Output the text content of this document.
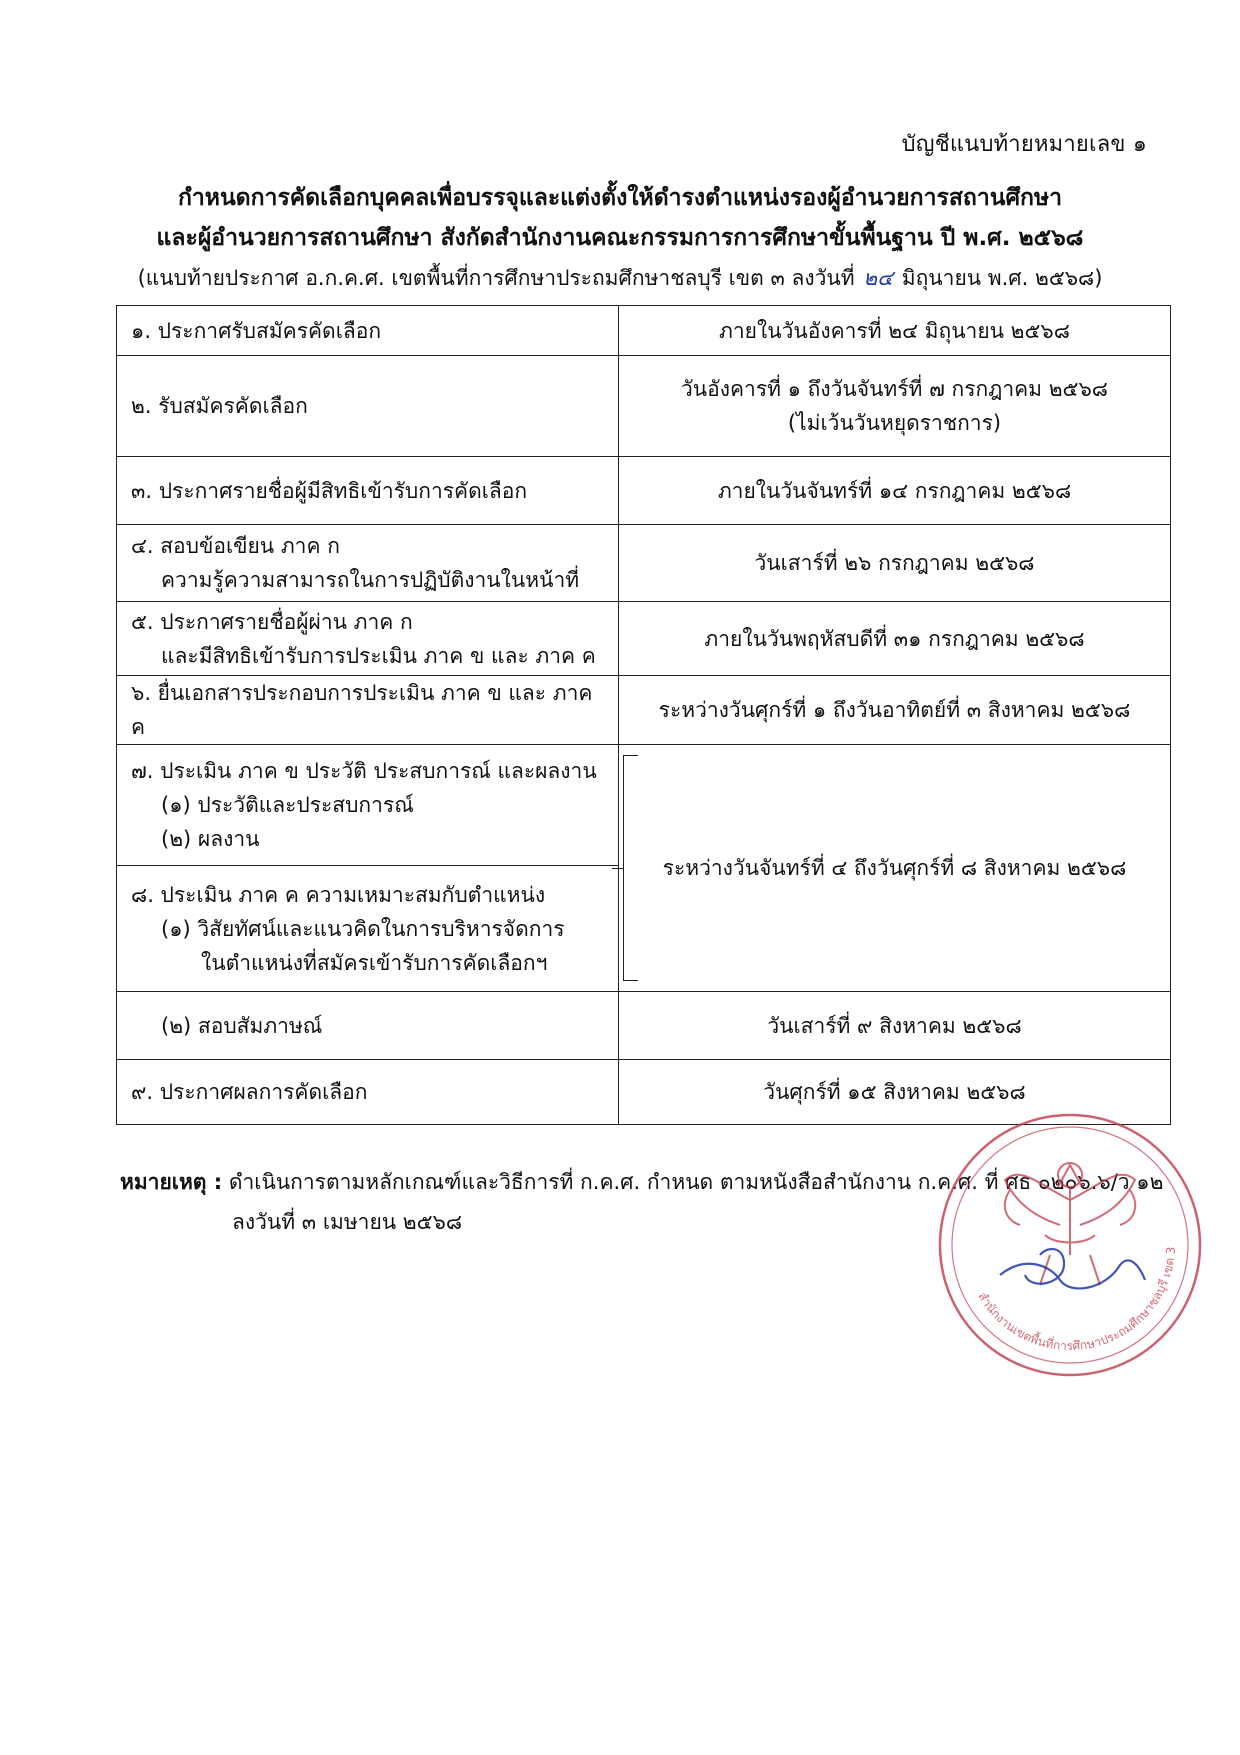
บัญชีแนบท้ายหมายเลข ๑
กำหนดการคัดเลือกบุคคลเพื่อบรรจุและแต่งตั้งให้ดำรงตำแหน่งรองผู้อำนวยการสถานศึกษา
และผู้อำนวยการสถานศึกษา สังกัดสำนักงานคณะกรรมการการศึกษาขั้นพื้นฐาน ปี พ.ศ. ๒๕๖๘
(แนบท้ายประกาศ อ.ก.ค.ศ. เขตพื้นที่การศึกษาประถมศึกษาชลบุรี เขต ๓ ลงวันที่ ๒๔ มิถุนายน พ.ศ. ๒๕๖๘)
๑. ประกาศรับสมัครคัดเลือก	ภายในวันอังคารที่ ๒๔ มิถุนายน ๒๕๖๘
๒. รับสมัครคัดเลือก	วันอังคารที่ ๑ ถึงวันจันทร์ที่ ๗ กรกฎาคม ๒๕๖๘
(ไม่เว้นวันหยุดราชการ)

๓. ประกาศรายชื่อผู้มีสิทธิเข้ารับการคัดเลือก	ภายในวันจันทร์ที่ ๑๔ กรกฎาคม ๒๕๖๘

๔. สอบข้อเขียน ภาค ก
ความรู้ความสามารถในการปฏิบัติงานในหน้าที่	วันเสาร์ที่ ๒๖ กรกฎาคม ๒๕๖๘

๕. ประกาศรายชื่อผู้ผ่าน ภาค ก
และมีสิทธิเข้ารับการประเมิน ภาค ข และ ภาค ค	ภายในวันพฤหัสบดีที่ ๓๑ กรกฎาคม ๒๕๖๘
๖. ยื่นเอกสารประกอบการประเมิน ภาค ข และ ภาค ค	ระหว่างวันศุกร์ที่ ๑ ถึงวันอาทิตย์ที่ ๓ สิงหาคม ๒๕๖๘

๗. ประเมิน ภาค ข ประวัติ ประสบการณ์ และผลงาน
(๑) ประวัติและประสบการณ์
(๒) ผลงาน	ระหว่างวันจันทร์ที่ ๔ ถึงวันศุกร์ที่ ๘ สิงหาคม ๒๕๖๘

๘. ประเมิน ภาค ค ความเหมาะสมกับตำแหน่ง
(๑) วิสัยทัศน์และแนวคิดในการบริหารจัดการ
ในตำแหน่งที่สมัครเข้ารับการคัดเลือกฯ	

(๒) สอบสัมภาษณ์	วันเสาร์ที่ ๙ สิงหาคม ๒๕๖๘
๙. ประกาศผลการคัดเลือก	วันศุกร์ที่ ๑๕ สิงหาคม ๒๕๖๘
หมายเหตุ : ดำเนินการตามหลักเกณฑ์และวิธีการที่ ก.ค.ศ. กำหนด ตามหนังสือสำนักงาน ก.ค.ศ. ที่ ศธ ๐๒๐๖.๖/ว ๑๒
ลงวันที่ ๓ เมษายน ๒๕๖๘
สำนักงานเขตพื้นที่การศึกษาประถมศึกษาชลบุรี เขต 3
